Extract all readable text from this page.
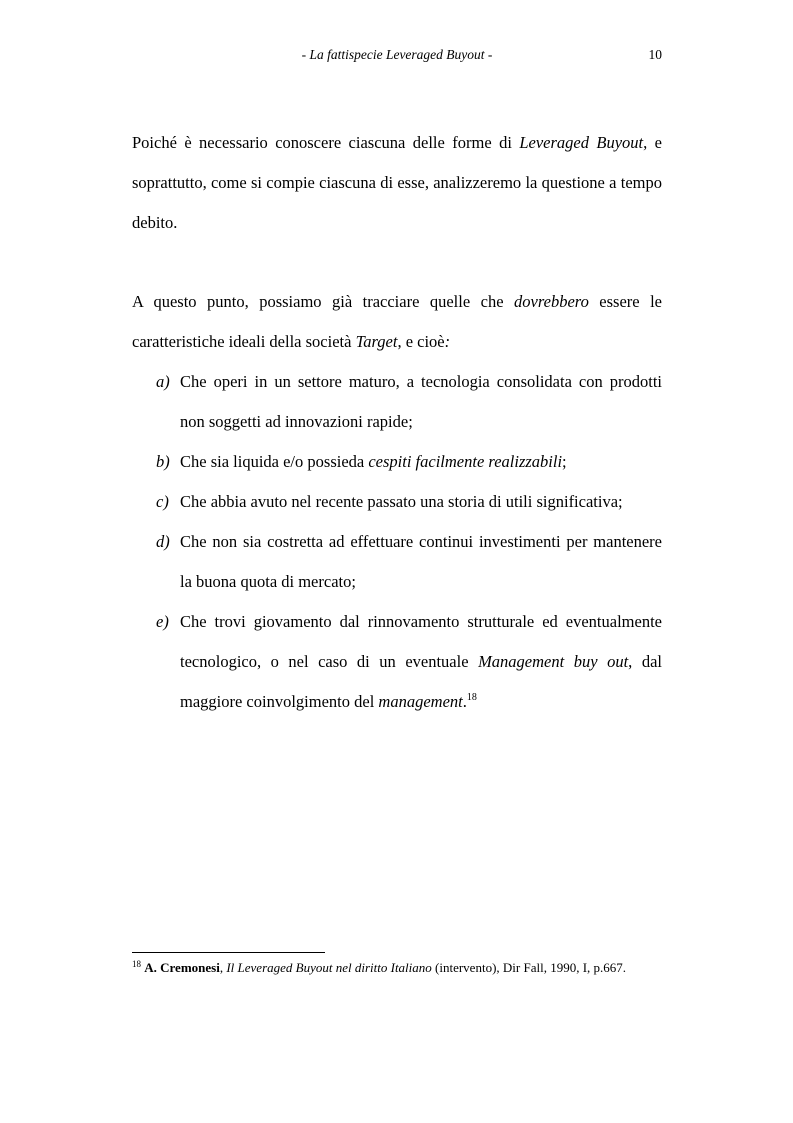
- La fattispecie Leveraged Buyout -	10

Poiché è necessario conoscere ciascuna delle forme di Leveraged Buyout, e soprattutto, come si compie ciascuna di esse, analizzeremo la questione a tempo debito.

A questo punto, possiamo già tracciare quelle che dovrebbero essere le caratteristiche ideali della società Target, e cioè:

a) Che operi in un settore maturo, a tecnologia consolidata con prodotti non soggetti ad innovazioni rapide;
b) Che sia liquida e/o possieda cespiti facilmente realizzabili;
c) Che abbia avuto nel recente passato una storia di utili significativa;
d) Che non sia costretta ad effettuare continui investimenti per mantenere la buona quota di mercato;
e) Che trovi giovamento dal rinnovamento strutturale ed eventualmente tecnologico, o nel caso di un eventuale Management buy out, dal maggiore coinvolgimento del management.$^{18}$
$^{18}$ A. Cremonesi, Il Leveraged Buyout nel diritto Italiano (intervento), Dir Fall, 1990, I, p.667.
